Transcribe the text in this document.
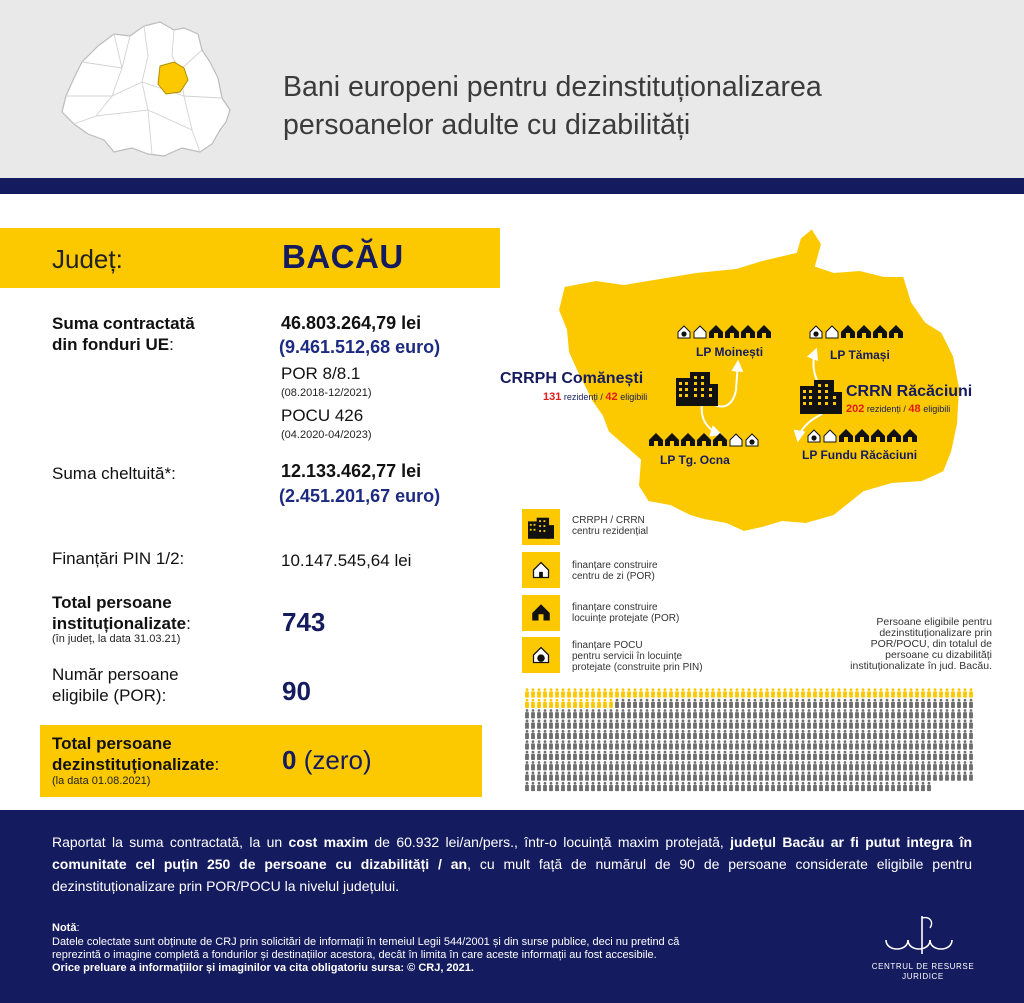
Bani europeni pentru dezinstituționalizarea
persoanelor adulte cu dizabilități
Județ:	BACĂU
Suma contractată
din fonduri UE:
46.803.264,79 lei
(9.461.512,68 euro)
POR 8/8.1
(08.2018-12/2021)
POCU 426
(04.2020-04/2023)
Suma cheltuită*:	12.133.462,77 lei
(2.451.201,67 euro)
Finanțări PIN 1/2:	10.147.545,64 lei
Total persoane
instituționalizate:
(în județ, la data 31.03.21)
743
Număr persoane
eligibile (POR):	90
Total persoane
dezinstituționalizate:
(la data 01.08.2021)
0 (zero)
CRRPH Comănești
131 rezidenți / 42 eligibili	CRRN Răcăciuni
202 rezidenți / 48 eligibili
LP Moinești	LP Tămași
LP Tg. Ocna	LP Fundu Răcăciuni
CRRPH / CRRN
centru rezidențial
finanțare construire
centru de zi (POR)
finanțare construire
locuințe protejate (POR)
finanțare POCU
pentru servicii în locuințe
protejate (construite prin PIN)
Persoane eligibile pentru
dezinstituționalizare prin
POR/POCU, din totalul de
persoane cu dizabilități
instituționalizate în jud. Bacău.
Raportat la suma contractată, la un cost maxim de 60.932 lei/an/pers., într-o locuință maxim protejată, județul Bacău ar fi putut integra în comunitate cel puțin 250 de persoane cu dizabilități / an, cu mult față de numărul de 90 de persoane considerate eligibile pentru dezinstituționalizare prin POR/POCU la nivelul județului.
Notă:
Datele colectate sunt obținute de CRJ prin solicitări de informații în temeiul Legii 544/2001 și din surse publice, deci nu pretind că
reprezintă o imagine completă a fondurilor și destinațiilor acestora, decât în limita în care aceste informații au fost accesibile.
Orice preluare a informațiilor și imaginilor va cita obligatoriu sursa: © CRJ, 2021.	CENTRUL DE RESURSE
JURIDICE
